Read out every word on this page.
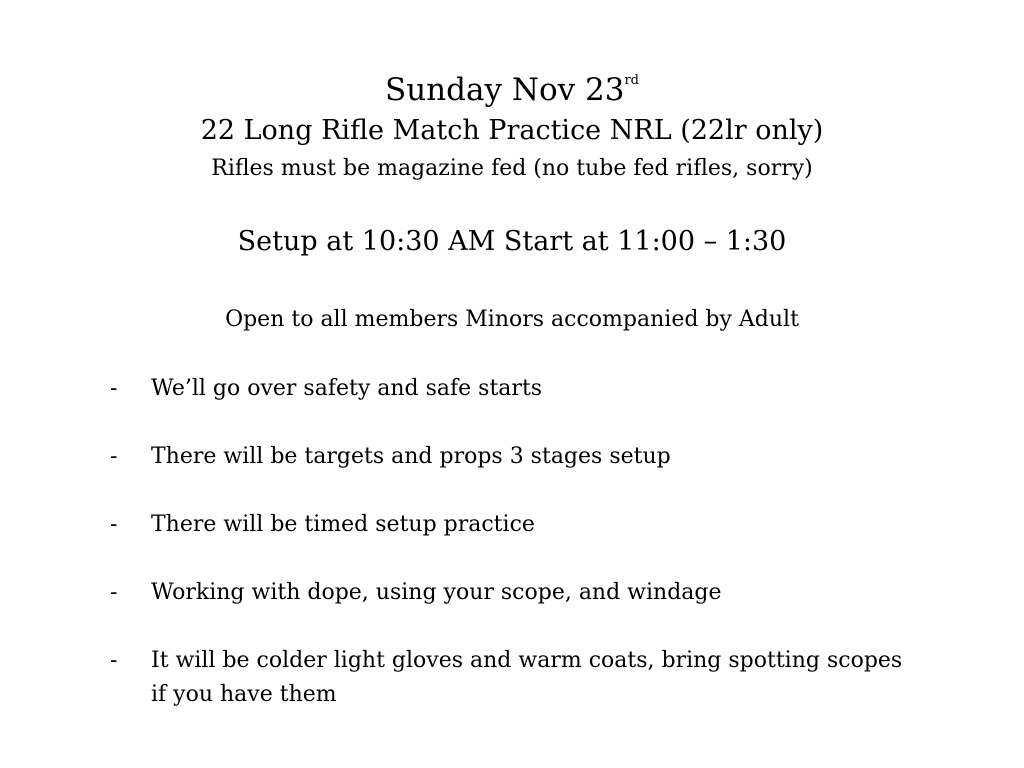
Sunday Nov 23rd
22 Long Rifle Match Practice NRL (22lr only)
Rifles must be magazine fed (no tube fed rifles, sorry)
Setup at 10:30 AM Start at 11:00 – 1:30
Open to all members Minors accompanied by Adult
- We’ll go over safety and safe starts
- There will be targets and props 3 stages setup
- There will be timed setup practice
- Working with dope, using your scope, and windage
- It will be colder light gloves and warm coats, bring spotting scopes if you have them
